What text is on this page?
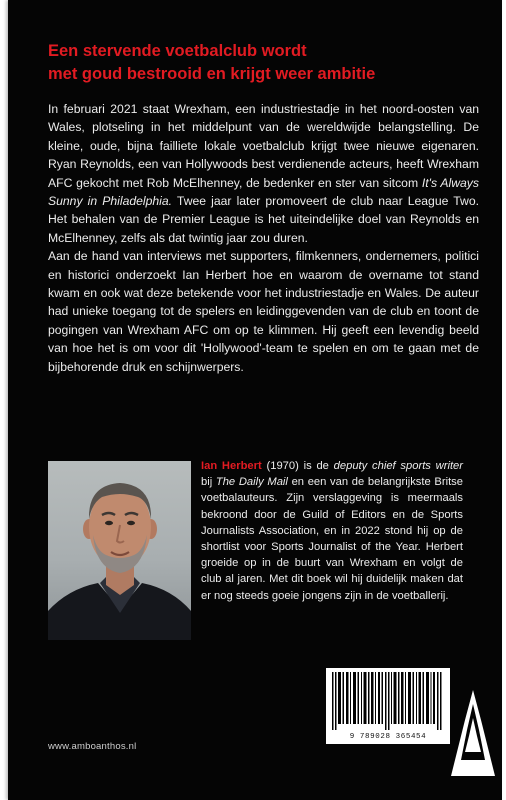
Een stervende voetbalclub wordt
met goud bestrooid en krijgt weer ambitie

In februari 2021 staat Wrexham, een industriestadje in het noord-oosten van Wales, plotseling in het middelpunt van de wereldwijde belangstelling. De kleine, oude, bijna failliete lokale voetbalclub krijgt twee nieuwe eigenaren. Ryan Reynolds, een van Hollywoods best verdienende acteurs, heeft Wrexham AFC gekocht met Rob McElhenney, de bedenker en ster van sitcom It's Always Sunny in Philadelphia. Twee jaar later promoveert de club naar League Two. Het behalen van de Premier League is het uiteindelijke doel van Reynolds en McElhenney, zelfs als dat twintig jaar zou duren.

Aan de hand van interviews met supporters, filmkenners, ondernemers, politici en historici onderzoekt Ian Herbert hoe en waarom de overname tot stand kwam en ook wat deze betekende voor het industriestadje en Wales. De auteur had unieke toegang tot de spelers en leidinggevenden van de club en toont de pogingen van Wrexham AFC om op te klimmen. Hij geeft een levendig beeld van hoe het is om voor dit 'Hollywood'-team te spelen en om te gaan met de bijbehorende druk en schijnwerpers.

Ian Herbert (1970) is de deputy chief sports writer bij The Daily Mail en een van de belangrijkste Britse voetbalauteurs. Zijn verslaggeving is meermaals bekroond door de Guild of Editors en de Sports Journalists Association, en in 2022 stond hij op de shortlist voor Sports Journalist of the Year. Herbert groeide op in de buurt van Wrexham en volgt de club al jaren. Met dit boek wil hij duidelijk maken dat er nog steeds goeie jongens zijn in de voetballerij.

9 789028 365454
www.amboanthos.nl
